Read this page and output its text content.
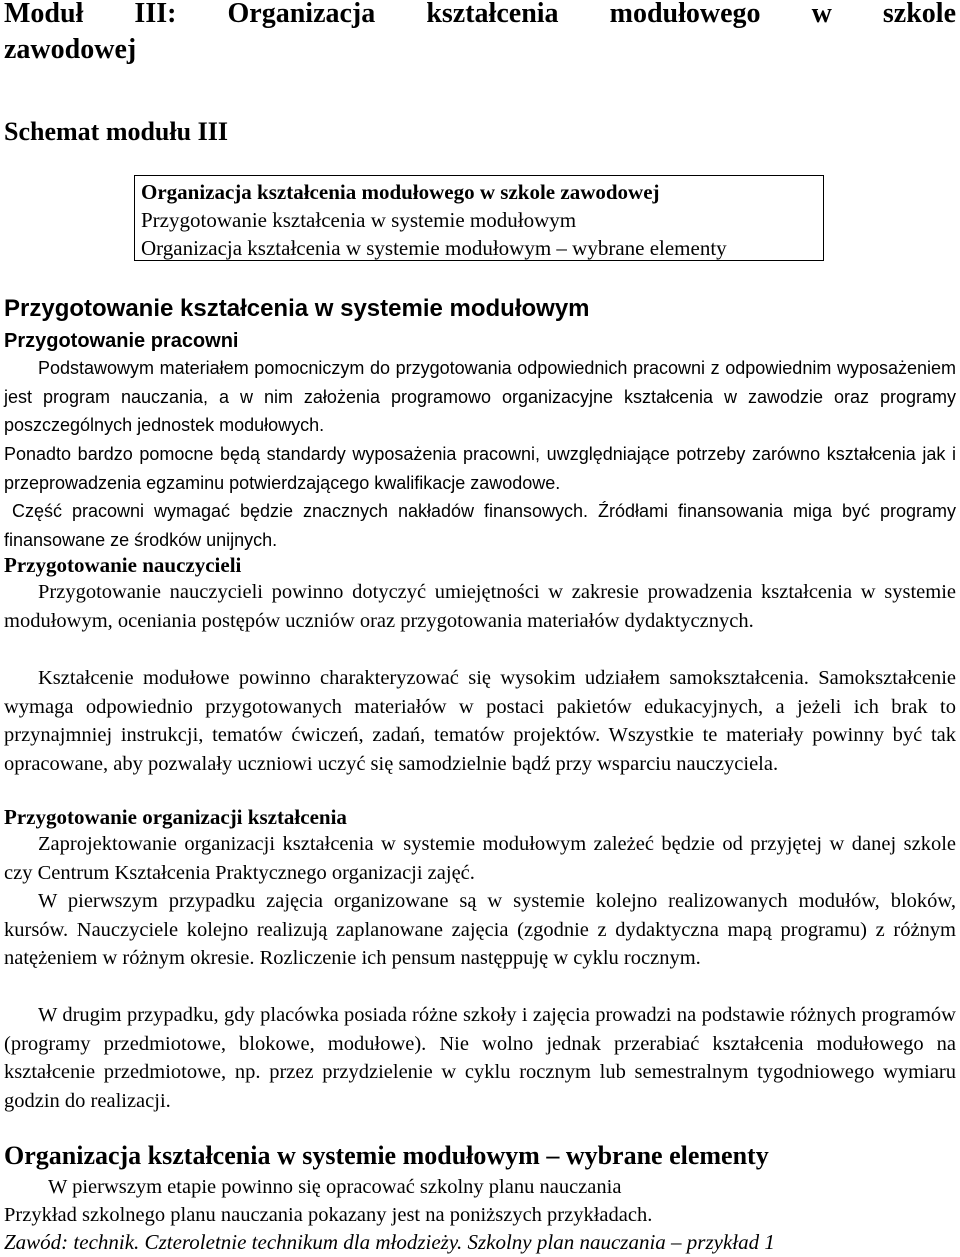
Moduł III: Organizacja kształcenia modułowego w szkole
zawodowej
Schemat modułu III
Organizacja kształcenia modułowego w szkole zawodowej
Przygotowanie kształcenia w systemie modułowym
Organizacja kształcenia w systemie modułowym – wybrane elementy
Przygotowanie kształcenia w systemie modułowym
Przygotowanie pracowni

Podstawowym materiałem pomocniczym do przygotowania odpowiednich pracowni z odpowiednim wyposażeniem jest program nauczania, a w nim założenia programowo organizacyjne kształcenia w zawodzie oraz programy poszczególnych jednostek modułowych.

Ponadto bardzo pomocne będą standardy wyposażenia pracowni, uwzględniające potrzeby zarówno kształcenia jak i przeprowadzenia egzaminu potwierdzającego kwalifikacje zawodowe.

Część pracowni wymagać będzie znacznych nakładów finansowych. Źródłami finansowania miga być programy finansowane ze środków unijnych.

Przygotowanie nauczycieli

Przygotowanie nauczycieli powinno dotyczyć umiejętności w zakresie prowadzenia kształcenia w systemie modułowym, oceniania postępów uczniów oraz przygotowania materiałów dydaktycznych.

Kształcenie modułowe powinno charakteryzować się wysokim udziałem samokształcenia. Samokształcenie wymaga odpowiednio przygotowanych materiałów w postaci pakietów edukacyjnych, a jeżeli ich brak to przynajmniej instrukcji, tematów ćwiczeń, zadań, tematów projektów. Wszystkie te materiały powinny być tak opracowane, aby pozwalały uczniowi uczyć się samodzielnie bądź przy wsparciu nauczyciela.

Przygotowanie organizacji kształcenia

Zaprojektowanie organizacji kształcenia w systemie modułowym zależeć będzie od przyjętej w danej szkole czy Centrum Kształcenia Praktycznego organizacji zajęć.

W pierwszym przypadku zajęcia organizowane są w systemie kolejno realizowanych modułów, bloków, kursów. Nauczyciele kolejno realizują zaplanowane zajęcia (zgodnie z dydaktyczna mapą programu) z różnym natężeniem w różnym okresie. Rozliczenie ich pensum następpuję w cyklu rocznym.

W drugim przypadku, gdy placówka posiada różne szkoły i zajęcia prowadzi na podstawie różnych programów (programy przedmiotowe, blokowe, modułowe). Nie wolno jednak przerabiać kształcenia modułowego na kształcenie przedmiotowe, np. przez przydzielenie w cyklu rocznym lub semestralnym tygodniowego wymiaru godzin do realizacji.

Organizacja kształcenia w systemie modułowym – wybrane elementy
W pierwszym etapie powinno się opracować szkolny planu nauczania
Przykład szkolnego planu nauczania pokazany jest na poniższych przykładach.
Zawód: technik. Czteroletnie technikum dla młodzieży. Szkolny plan nauczania – przykład 1
